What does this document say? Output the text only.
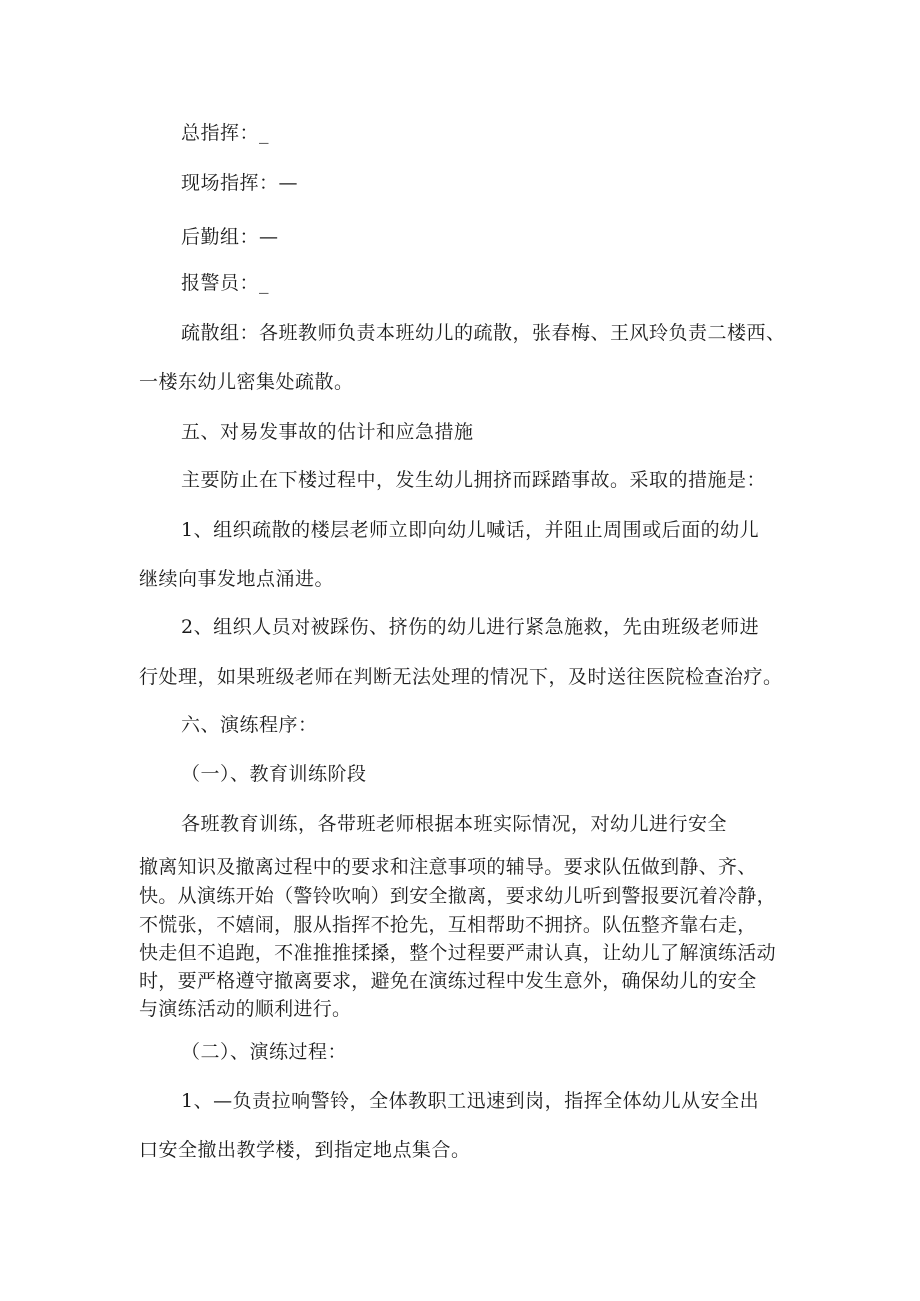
总指挥：_

现场指挥：—

后勤组：—

报警员：_

疏散组：各班教师负责本班幼儿的疏散，张春梅、王风玲负责二楼西、

一楼东幼儿密集处疏散。

五、对易发事故的估计和应急措施

主要防止在下楼过程中，发生幼儿拥挤而踩踏事故。采取的措施是：

1、组织疏散的楼层老师立即向幼儿喊话，并阻止周围或后面的幼儿

继续向事发地点涌进。

2、组织人员对被踩伤、挤伤的幼儿进行紧急施救，先由班级老师进

行处理，如果班级老师在判断无法处理的情况下，及时送往医院检查治疗。

六、演练程序：

（一）、教育训练阶段

各班教育训练，各带班老师根据本班实际情况，对幼儿进行安全

撤离知识及撤离过程中的要求和注意事项的辅导。要求队伍做到静、齐、

快。从演练开始（警铃吹响）到安全撤离，要求幼儿听到警报要沉着冷静，

不慌张，不嬉闹，服从指挥不抢先，互相帮助不拥挤。队伍整齐靠右走，

快走但不追跑，不准推推揉搡，整个过程要严肃认真，让幼儿了解演练活动

时，要严格遵守撤离要求，避免在演练过程中发生意外，确保幼儿的安全

与演练活动的顺利进行。

（二）、演练过程：

1、—负责拉响警铃，全体教职工迅速到岗，指挥全体幼儿从安全出

口安全撤出教学楼，到指定地点集合。
